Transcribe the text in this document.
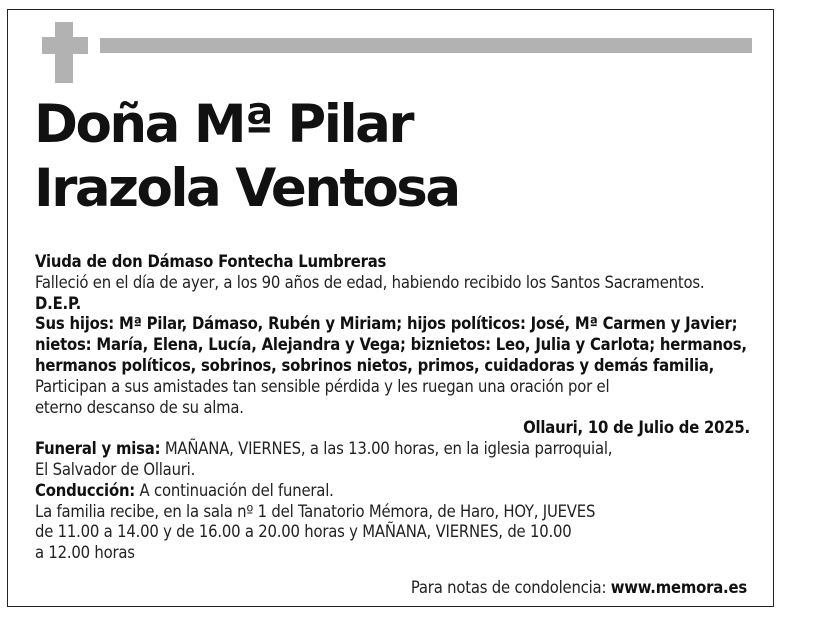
Doña Mª Pilar
Irazola Ventosa

Viuda de don Dámaso Fontecha Lumbreras

Falleció en el día de ayer, a los 90 años de edad, habiendo recibido los Santos Sacramentos.

D.E.P.

Sus hijos: Mª Pilar, Dámaso, Rubén y Miriam; hijos políticos: José, Mª Carmen y Javier;

nietos: María, Elena, Lucía, Alejandra y Vega; biznietos: Leo, Julia y Carlota; hermanos,

hermanos políticos, sobrinos, sobrinos nietos, primos, cuidadoras y demás familia,

Participan a sus amistades tan sensible pérdida y les ruegan una oración por el

eterno descanso de su alma.

Ollauri, 10 de Julio de 2025.

Funeral y misa: MAÑANA, VIERNES, a las 13.00 horas, en la iglesia parroquial,

El Salvador de Ollauri.

Conducción: A continuación del funeral.

La familia recibe, en la sala nº 1 del Tanatorio Mémora, de Haro, HOY, JUEVES

de 11.00 a 14.00 y de 16.00 a 20.00 horas y MAÑANA, VIERNES, de 10.00

a 12.00 horas

Para notas de condolencia: www.memora.es
